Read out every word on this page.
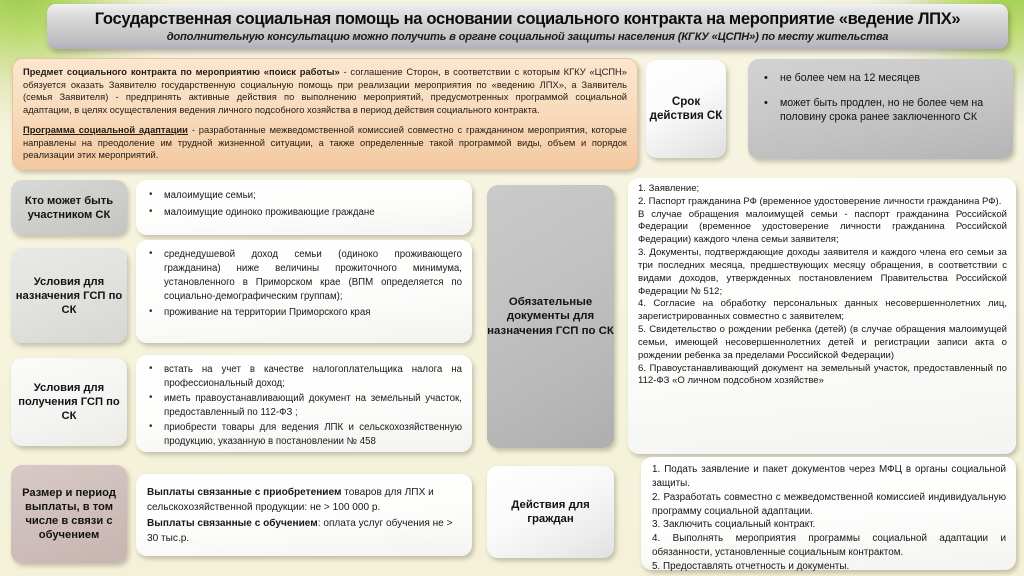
Государственная социальная помощь на основании социального контракта на мероприятие «ведение ЛПХ»
дополнительную консультацию можно получить в органе социальной защиты населения (КГКУ «ЦСПН») по месту жительства

Предмет социального контракта по мероприятию «поиск работы» - соглашение Сторон, в соответствии с которым КГКУ «ЦСПН» обязуется оказать Заявителю государственную социальную помощь при реализации мероприятия по «ведению ЛПХ», а Заявитель (семья Заявителя) - предпринять активные действия по выполнению мероприятий, предусмотренных программой социальной адаптации, в целях осуществления ведения личного подсобного хозяйства в период действия социального контракта.

Программа социальной адаптации - разработанные межведомственной комиссией совместно с гражданином мероприятия, которые направлены на преодоление им трудной жизненной ситуации, а также определенные такой программой виды, объем и порядок реализации этих мероприятий.

Срок действия СК
• не более чем на 12 месяцев
• может быть продлен, но не более чем на половину срока ранее заключенного СК
Кто может быть участником СК
Условия для назначения ГСП по СК
Условия для получения ГСП по СК
Размер и период выплаты, в том числе в связи с обучением
• малоимущие семьи;
• малоимущие одиноко проживающие граждане
• среднедушевой доход семьи (одиноко проживающего гражданина) ниже величины прожиточного минимума, установленного в Приморском крае (ВПМ определяется по социально-демографическим группам);
• проживание на территории Приморского края
• встать на учет в качестве налогоплательщика налога на профессиональный доход;
• иметь правоустанавливающий документ на земельный участок, предоставленный по 112-ФЗ ;
• приобрести товары для ведения ЛПК и сельскохозяйственную продукцию, указанную в постановлении № 458
Выплаты связанные с приобретением товаров для ЛПХ и сельскохозяйственной продукции: не > 100 000 р.
Выплаты связанные с обучением: оплата услуг обучения не > 30 тыс.р.
Обязательные документы для назначения ГСП по СК
Действия для граждан

1. Заявление;

2. Паспорт гражданина РФ (временное удостоверение личности гражданина РФ).

В случае обращения малоимущей семьи - паспорт гражданина Российской Федерации (временное удостоверение личности гражданина Российской Федерации) каждого члена семьи заявителя;

3. Документы, подтверждающие доходы заявителя и каждого члена его семьи за три последних месяца, предшествующих месяцу обращения, в соответствии с видами доходов, утвержденных постановлением Правительства Российской Федерации № 512;

4. Согласие на обработку персональных данных несовершеннолетних лиц, зарегистрированных совместно с заявителем;

5. Свидетельство о рождении ребенка (детей) (в случае обращения малоимущей семьи, имеющей несовершеннолетних детей и регистрации записи акта о рождении ребенка за пределами Российской Федерации)

6. Правоустанавливающий документ на земельный участок, предоставленный по 112-ФЗ «О личном подсобном хозяйстве»

1. Подать заявление и пакет документов через МФЦ в органы социальной защиты.

2. Разработать совместно с межведомственной комиссией индивидуальную программу социальной адаптации.

3. Заключить социальный контракт.

4. Выполнять мероприятия программы социальной адаптации и обязанности, установленные социальным контрактом.

5. Предоставлять отчетность и документы.
